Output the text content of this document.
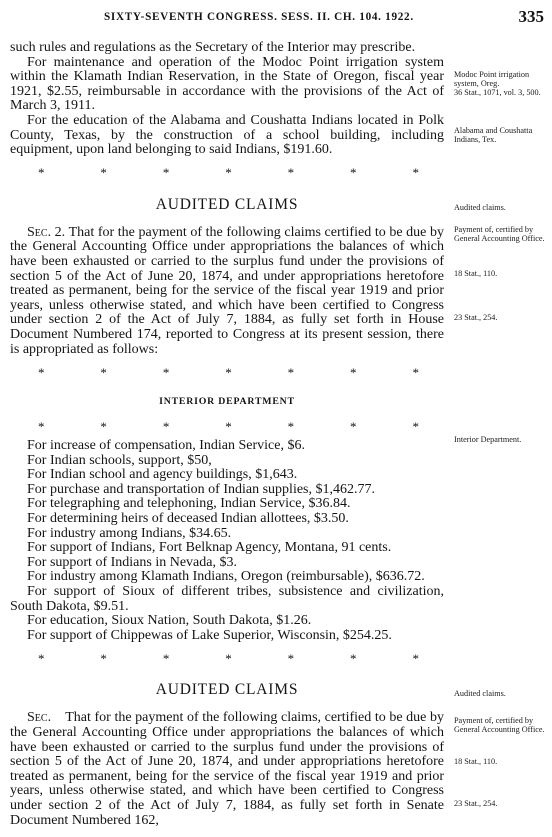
SIXTY-SEVENTH CONGRESS. SESS. II. CH. 104. 1922.	335

such rules and regulations as the Secretary of the Interior may prescribe.

For maintenance and operation of the Modoc Point irrigation system within the Klamath Indian Reservation, in the State of Oregon, fiscal year 1921, $2.55, reimbursable in accordance with the provisions of the Act of March 3, 1911.

For the education of the Alabama and Coushatta Indians located in Polk County, Texas, by the construction of a school building, including equipment, upon land belonging to said Indians, $191.60.

*	*	*	*	*	*	*
AUDITED CLAIMS

Sec. 2. That for the payment of the following claims certified to be due by the General Accounting Office under appropriations the balances of which have been exhausted or carried to the surplus fund under the provisions of section 5 of the Act of June 20, 1874, and under appropriations heretofore treated as permanent, being for the service of the fiscal year 1919 and prior years, unless otherwise stated, and which have been certified to Congress under section 2 of the Act of July 7, 1884, as fully set forth in House Document Numbered 174, reported to Congress at its present session, there is appropriated as follows:

*	*	*	*	*	*	*
INTERIOR DEPARTMENT
*	*	*	*	*	*	*

For increase of compensation, Indian Service, $6.

For Indian schools, support, $50,

For Indian school and agency buildings, $1,643.

For purchase and transportation of Indian supplies, $1,462.77.

For telegraphing and telephoning, Indian Service, $36.84.

For determining heirs of deceased Indian allottees, $3.50.

For industry among Indians, $34.65.

For support of Indians, Fort Belknap Agency, Montana, 91 cents.

For support of Indians in Nevada, $3.

For industry among Klamath Indians, Oregon (reimbursable), $636.72.

For support of Sioux of different tribes, subsistence and civilization, South Dakota, $9.51.

For education, Sioux Nation, South Dakota, $1.26.

For support of Chippewas of Lake Superior, Wisconsin, $254.25.

*	*	*	*	*	*	*
AUDITED CLAIMS

Sec. That for the payment of the following claims, certified to be due by the General Accounting Office under appropriations the balances of which have been exhausted or carried to the surplus fund under the provisions of section 5 of the Act of June 20, 1874, and under appropriations heretofore treated as permanent, being for the service of the fiscal year 1919 and prior years, unless otherwise stated, and which have been certified to Congress under section 2 of the Act of July 7, 1884, as fully set forth in Senate Document Numbered 162,

Modoc Point irrigation system, Oreg.
36 Stat., 1071, vol. 3, 500.
Alabama and Coushatta Indians, Tex.
Audited claims.
Payment of, certified by General Accounting Office.
18 Stat., 110.
23 Stat., 254.
Interior Department.
Audited claims.
Payment of, certified by General Accounting Office.
18 Stat., 110.
23 Stat., 254.
